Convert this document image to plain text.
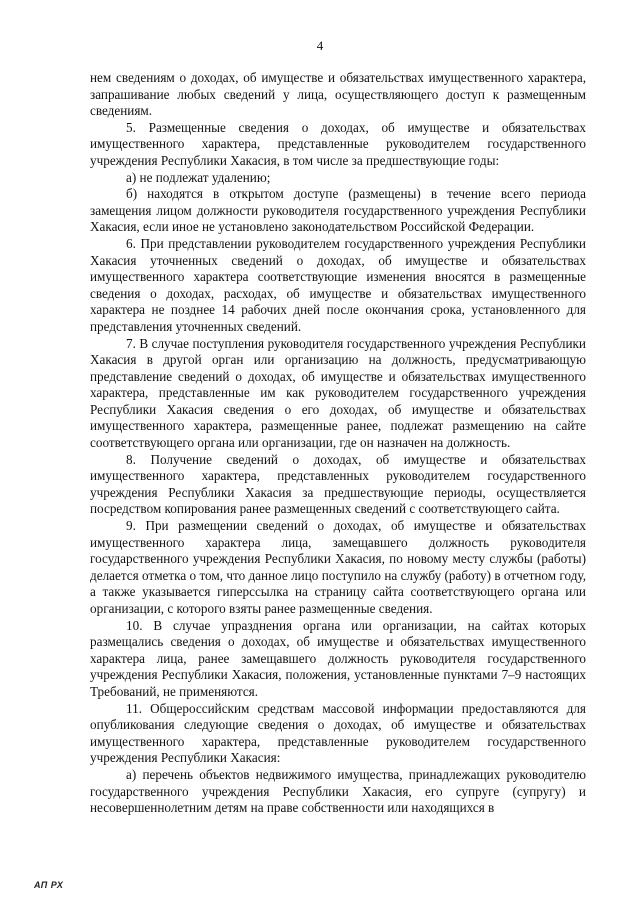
4

нем сведениям о доходах, об имуществе и обязательствах имущественного характера, запрашивание любых сведений у лица, осуществляющего доступ к размещенным сведениям.

5. Размещенные сведения о доходах, об имуществе и обязательствах имущественного характера, представленные руководителем государственного учреждения Республики Хакасия, в том числе за предшествующие годы:

а) не подлежат удалению;

б) находятся в открытом доступе (размещены) в течение всего периода замещения лицом должности руководителя государственного учреждения Республики Хакасия, если иное не установлено законодательством Российской Федерации.

6. При представлении руководителем государственного учреждения Республики Хакасия уточненных сведений о доходах, об имуществе и обязательствах имущественного характера соответствующие изменения вносятся в размещенные сведения о доходах, расходах, об имуществе и обязательствах имущественного характера не позднее 14 рабочих дней после окончания срока, установленного для представления уточненных сведений.

7. В случае поступления руководителя государственного учреждения Республики Хакасия в другой орган или организацию на должность, предусматривающую представление сведений о доходах, об имуществе и обязательствах имущественного характера, представленные им как руководителем государственного учреждения Республики Хакасия сведения о его доходах, об имуществе и обязательствах имущественного характера, размещенные ранее, подлежат размещению на сайте соответствующего органа или организации, где он назначен на должность.

8. Получение сведений о доходах, об имуществе и обязательствах имущественного характера, представленных руководителем государственного учреждения Республики Хакасия за предшествующие периоды, осуществляется посредством копирования ранее размещенных сведений с соответствующего сайта.

9. При размещении сведений о доходах, об имуществе и обязательствах имущественного характера лица, замещавшего должность руководителя государственного учреждения Республики Хакасия, по новому месту службы (работы) делается отметка о том, что данное лицо поступило на службу (работу) в отчетном году, а также указывается гиперссылка на страницу сайта соответствующего органа или организации, с которого взяты ранее размещенные сведения.

10. В случае упразднения органа или организации, на сайтах которых размещались сведения о доходах, об имуществе и обязательствах имущественного характера лица, ранее замещавшего должность руководителя государственного учреждения Республики Хакасия, положения, установленные пунктами 7–9 настоящих Требований, не применяются.

11. Общероссийским средствам массовой информации предоставляются для опубликования следующие сведения о доходах, об имуществе и обязательствах имущественного характера, представленные руководителем государственного учреждения Республики Хакасия:

а) перечень объектов недвижимого имущества, принадлежащих руководителю государственного учреждения Республики Хакасия, его супруге (супругу) и несовершеннолетним детям на праве собственности или находящихся в

АП РХ
